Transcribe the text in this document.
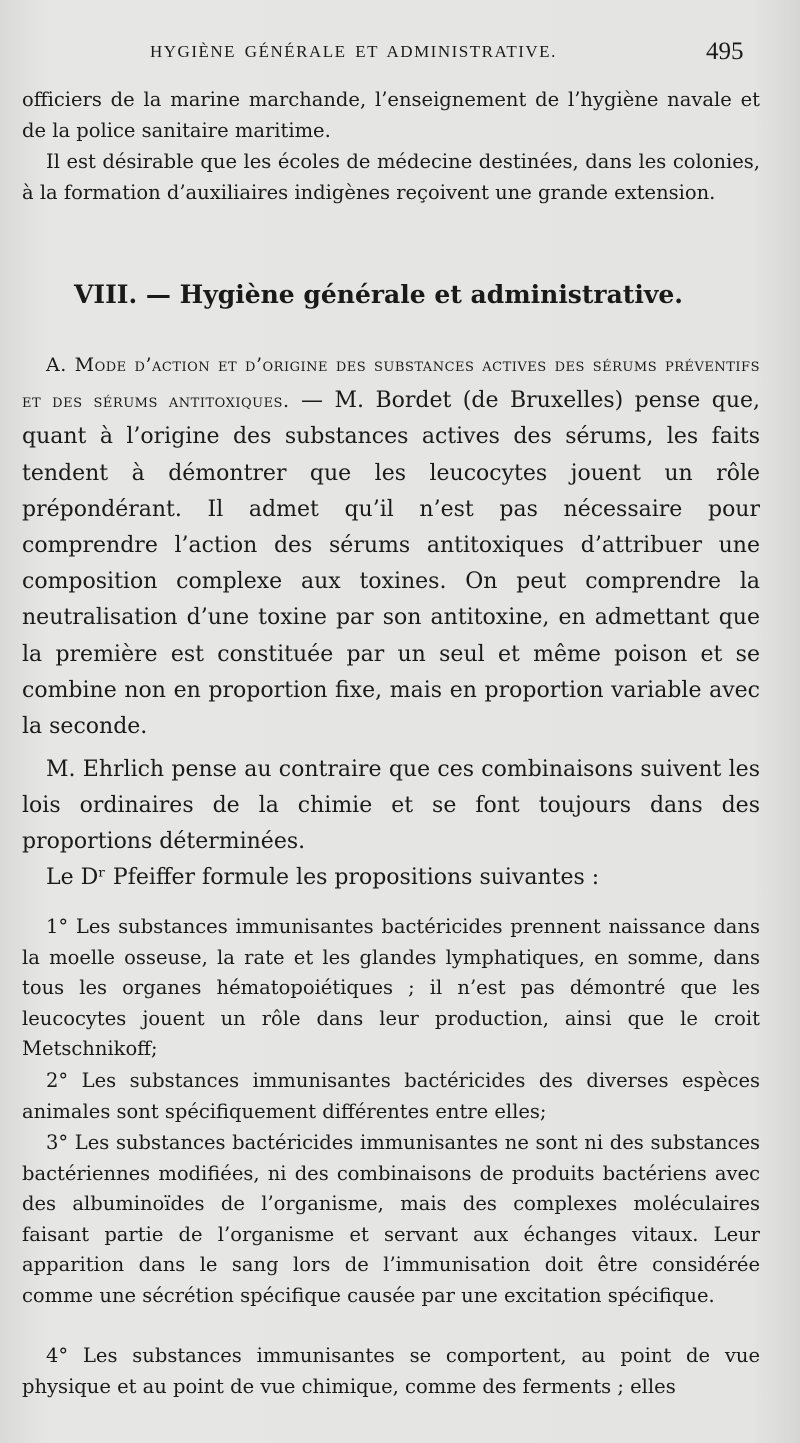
HYGIÈNE GÉNÉRALE ET ADMINISTRATIVE.	495

officiers de la marine marchande, l’enseignement de l’hygiène navale et de la police sanitaire maritime.

Il est désirable que les écoles de médecine destinées, dans les colonies, à la formation d’auxiliaires indigènes reçoivent une grande extension.

VIII. — Hygiène générale et administrative.

A. Mode d’action et d’origine des substances actives des sérums préventifs et des sérums antitoxiques. — M. Bordet (de Bruxelles) pense que, quant à l’origine des substances actives des sérums, les faits tendent à démontrer que les leucocytes jouent un rôle prépondérant. Il admet qu’il n’est pas nécessaire pour comprendre l’action des sérums antitoxiques d’attribuer une composition complexe aux toxines. On peut comprendre la neutralisation d’une toxine par son antitoxine, en admettant que la première est constituée par un seul et même poison et se combine non en proportion fixe, mais en proportion variable avec la seconde.

M. Ehrlich pense au contraire que ces combinaisons suivent les lois ordinaires de la chimie et se font toujours dans des proportions déterminées.

Le Dʳ Pfeiffer formule les propositions suivantes :

1° Les substances immunisantes bactéricides prennent naissance dans la moelle osseuse, la rate et les glandes lymphatiques, en somme, dans tous les organes hématopoiétiques ; il n’est pas démontré que les leucocytes jouent un rôle dans leur production, ainsi que le croit Metschnikoff;

2° Les substances immunisantes bactéricides des diverses espèces animales sont spécifiquement différentes entre elles;

3° Les substances bactéricides immunisantes ne sont ni des substances bactériennes modifiées, ni des combinaisons de produits bactériens avec des albuminoïdes de l’organisme, mais des complexes moléculaires faisant partie de l’organisme et servant aux échanges vitaux. Leur apparition dans le sang lors de l’immunisation doit être considérée comme une sécrétion spécifique causée par une excitation spécifique.

4° Les substances immunisantes se comportent, au point de vue physique et au point de vue chimique, comme des ferments ; elles
